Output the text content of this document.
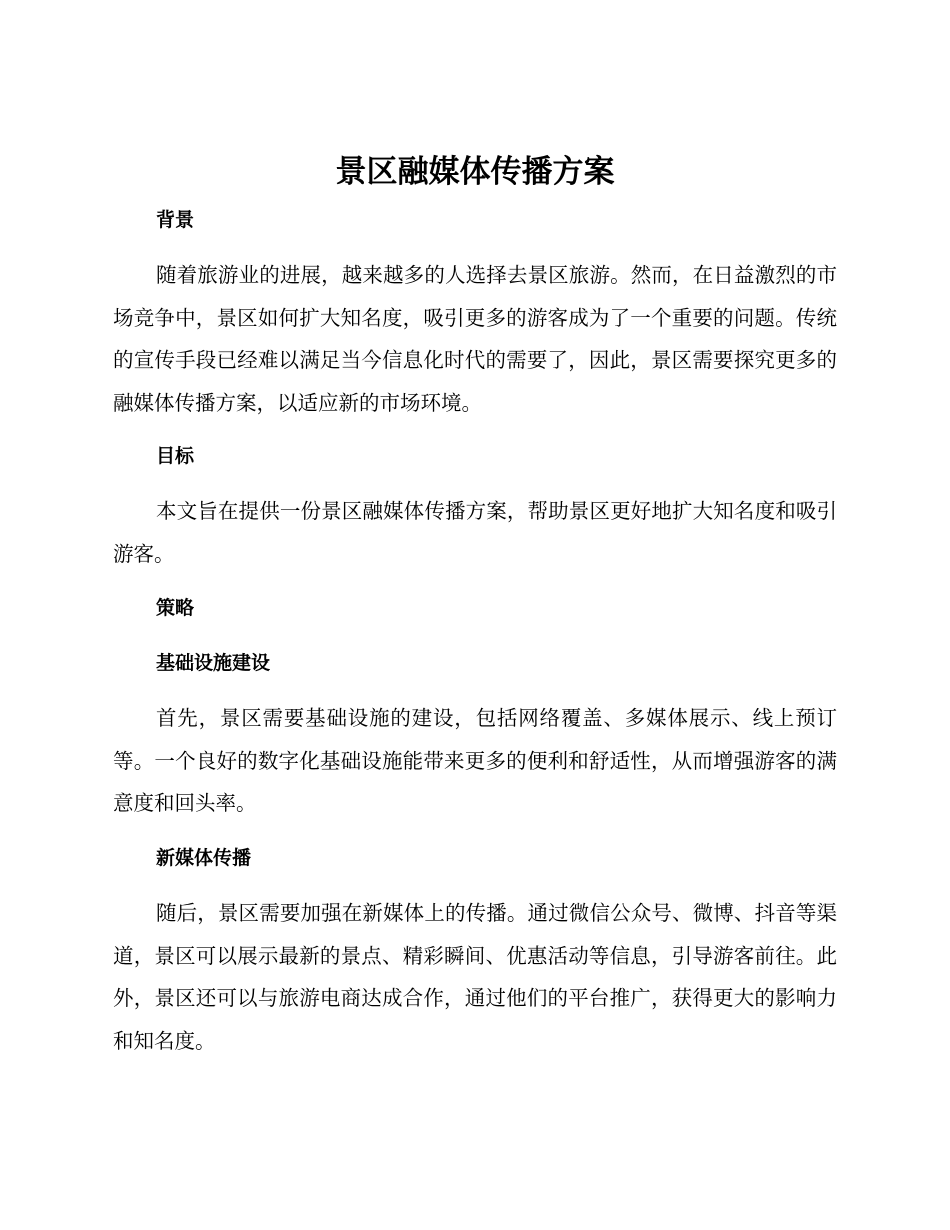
景区融媒体传播方案
背景

随着旅游业的进展，越来越多的人选择去景区旅游。然而，在日益激烈的市场竞争中，景区如何扩大知名度，吸引更多的游客成为了一个重要的问题。传统的宣传手段已经难以满足当今信息化时代的需要了，因此，景区需要探究更多的融媒体传播方案，以适应新的市场环境。

目标

本文旨在提供一份景区融媒体传播方案，帮助景区更好地扩大知名度和吸引游客。

策略
基础设施建设

首先，景区需要基础设施的建设，包括网络覆盖、多媒体展示、线上预订等。一个良好的数字化基础设施能带来更多的便利和舒适性，从而增强游客的满意度和回头率。

新媒体传播

随后，景区需要加强在新媒体上的传播。通过微信公众号、微博、抖音等渠道，景区可以展示最新的景点、精彩瞬间、优惠活动等信息，引导游客前往。此外，景区还可以与旅游电商达成合作，通过他们的平台推广，获得更大的影响力和知名度。
